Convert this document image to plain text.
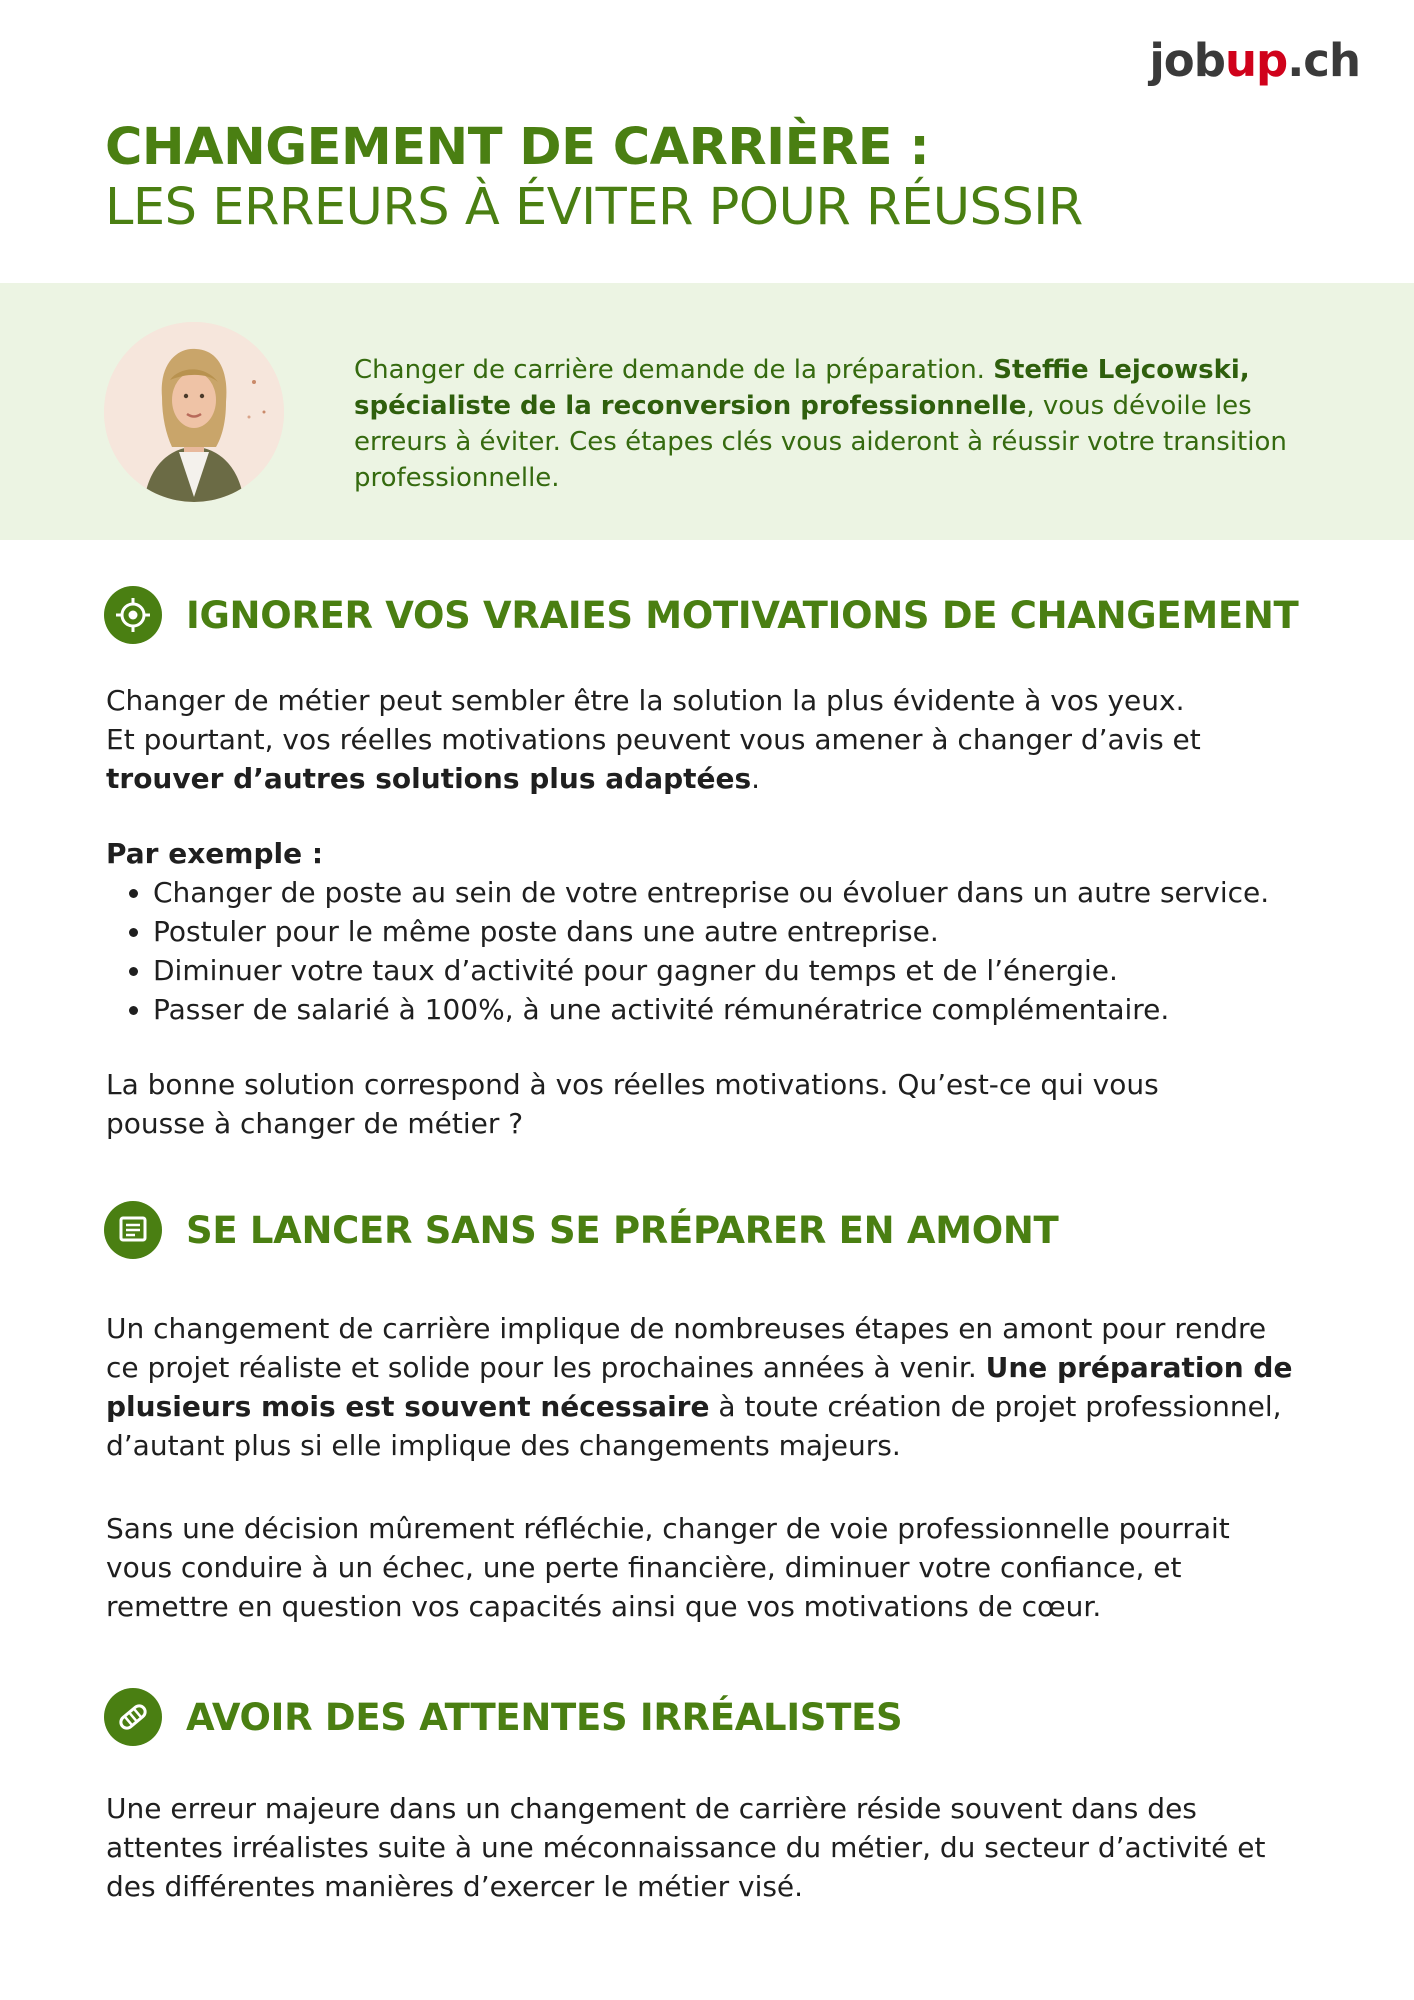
jobup.ch
CHANGEMENT DE CARRIÈRE :
LES ERREURS À ÉVITER POUR RÉUSSIR
Changer de carrière demande de la préparation. Steffie Lejcowski, spécialiste de la reconversion professionnelle, vous dévoile les erreurs à éviter. Ces étapes clés vous aideront à réussir votre transition professionnelle.
IGNORER VOS VRAIES MOTIVATIONS DE CHANGEMENT

Changer de métier peut sembler être la solution la plus évidente à vos yeux.
Et pourtant, vos réelles motivations peuvent vous amener à changer d’avis et
trouver d’autres solutions plus adaptées.

Par exemple :

• Changer de poste au sein de votre entreprise ou évoluer dans un autre service.
• Postuler pour le même poste dans une autre entreprise.
• Diminuer votre taux d’activité pour gagner du temps et de l’énergie.
• Passer de salarié à 100%, à une activité rémunératrice complémentaire.

La bonne solution correspond à vos réelles motivations. Qu’est-ce qui vous pousse à changer de métier ?

SE LANCER SANS SE PRÉPARER EN AMONT

Un changement de carrière implique de nombreuses étapes en amont pour rendre ce projet réaliste et solide pour les prochaines années à venir. Une préparation de plusieurs mois est souvent nécessaire à toute création de projet professionnel, d’autant plus si elle implique des changements majeurs.

Sans une décision mûrement réfléchie, changer de voie professionnelle pourrait vous conduire à un échec, une perte financière, diminuer votre confiance, et remettre en question vos capacités ainsi que vos motivations de cœur.

AVOIR DES ATTENTES IRRÉALISTES

Une erreur majeure dans un changement de carrière réside souvent dans des attentes irréalistes suite à une méconnaissance du métier, du secteur d’activité et des différentes manières d’exercer le métier visé.
